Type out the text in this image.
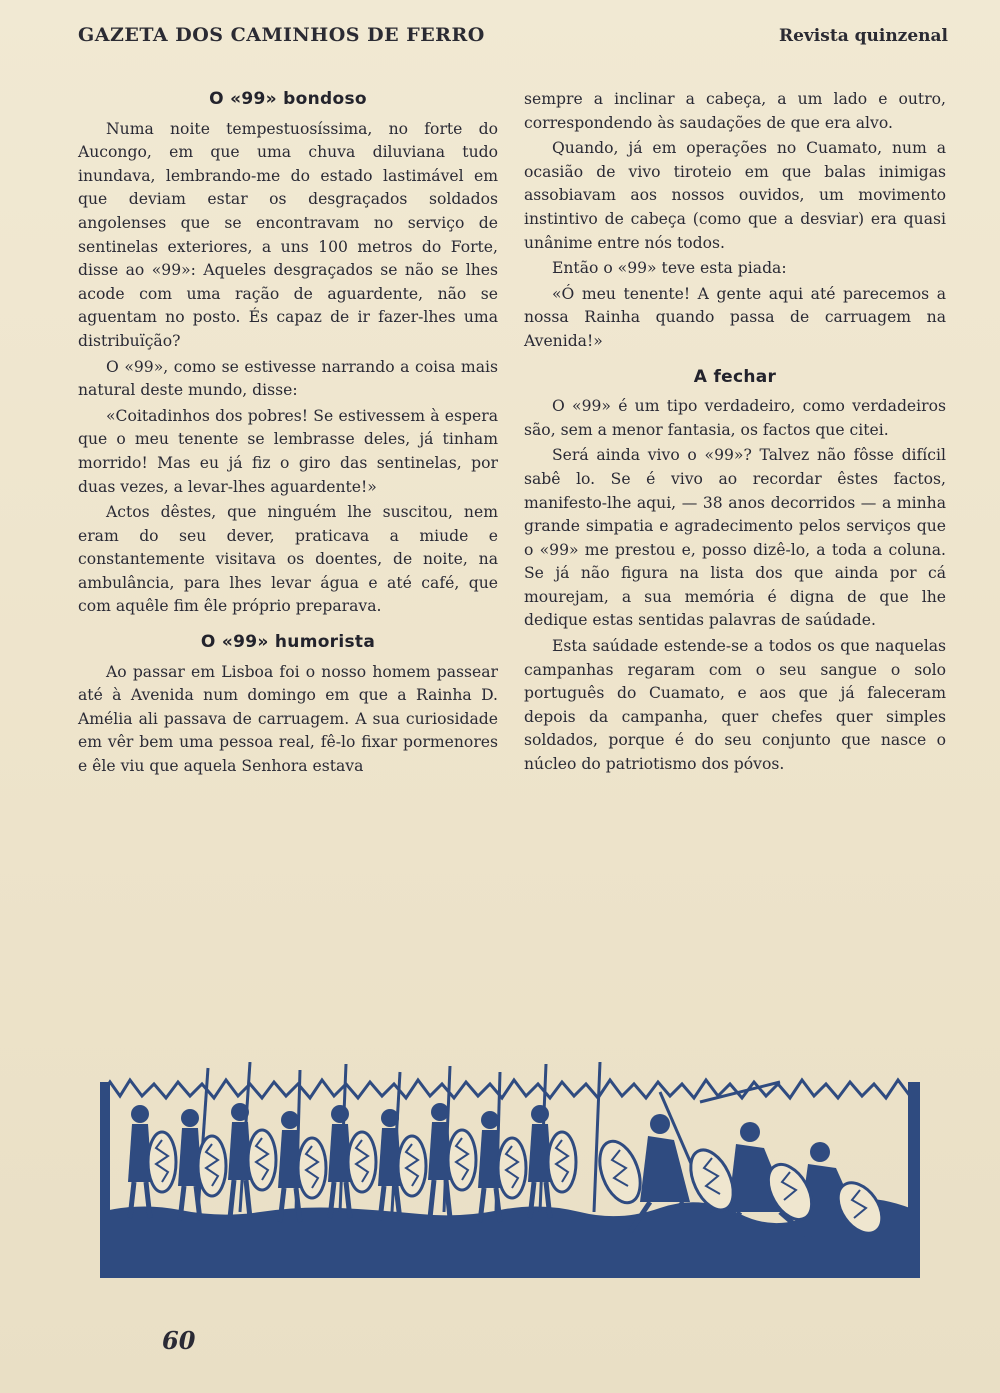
GAZETA DOS CAMINHOS DE FERRO	Revista quinzenal
O «99» bondoso

Numa noite tempestuosíssima, no forte do Aucongo, em que uma chuva diluviana tudo inundava, lembrando-me do estado lastimável em que deviam estar os desgraçados soldados angolenses que se encontravam no serviço de sentinelas exteriores, a uns 100 metros do Forte, disse ao «99»: Aqueles desgraçados se não se lhes acode com uma ração de aguardente, não se aguentam no posto. És capaz de ir fazer-lhes uma distribuïção?

O «99», como se estivesse narrando a coisa mais natural deste mundo, disse:

«Coitadinhos dos pobres! Se estivessem à espera que o meu tenente se lembrasse deles, já tinham morrido! Mas eu já fiz o giro das sentinelas, por duas vezes, a levar-lhes aguardente!»

Actos dêstes, que ninguém lhe suscitou, nem eram do seu dever, praticava a miude e constantemente visitava os doentes, de noite, na ambulância, para lhes levar água e até café, que com aquêle fim êle próprio preparava.

O «99» humorista

Ao passar em Lisboa foi o nosso homem passear até à Avenida num domingo em que a Rainha D. Amélia ali passava de carruagem. A sua curiosidade em vêr bem uma pessoa real, fê-lo fixar pormenores e êle viu que aquela Senhora estava

sempre a inclinar a cabeça, a um lado e outro, correspondendo às saudações de que era alvo.

Quando, já em operações no Cuamato, num a ocasião de vivo tiroteio em que balas inimigas assobiavam aos nossos ouvidos, um movimento instintivo de cabeça (como que a desviar) era quasi unânime entre nós todos.

Então o «99» teve esta piada:

«Ó meu tenente! A gente aqui até parecemos a nossa Rainha quando passa de carruagem na Avenida!»

A fechar

O «99» é um tipo verdadeiro, como verdadeiros são, sem a menor fantasia, os factos que citei.

Será ainda vivo o «99»? Talvez não fôsse difícil sabê lo. Se é vivo ao recordar êstes factos, manifesto-lhe aqui, — 38 anos decorridos — a minha grande simpatia e agradecimento pelos serviços que o «99» me prestou e, posso dizê-lo, a toda a coluna. Se já não figura na lista dos que ainda por cá mourejam, a sua memória é digna de que lhe dedique estas sentidas palavras de saúdade.

Esta saúdade estende-se a todos os que naquelas campanhas regaram com o seu sangue o solo português do Cuamato, e aos que já faleceram depois da campanha, quer chefes quer simples soldados, porque é do seu conjunto que nasce o núcleo do patriotismo dos póvos.

60
